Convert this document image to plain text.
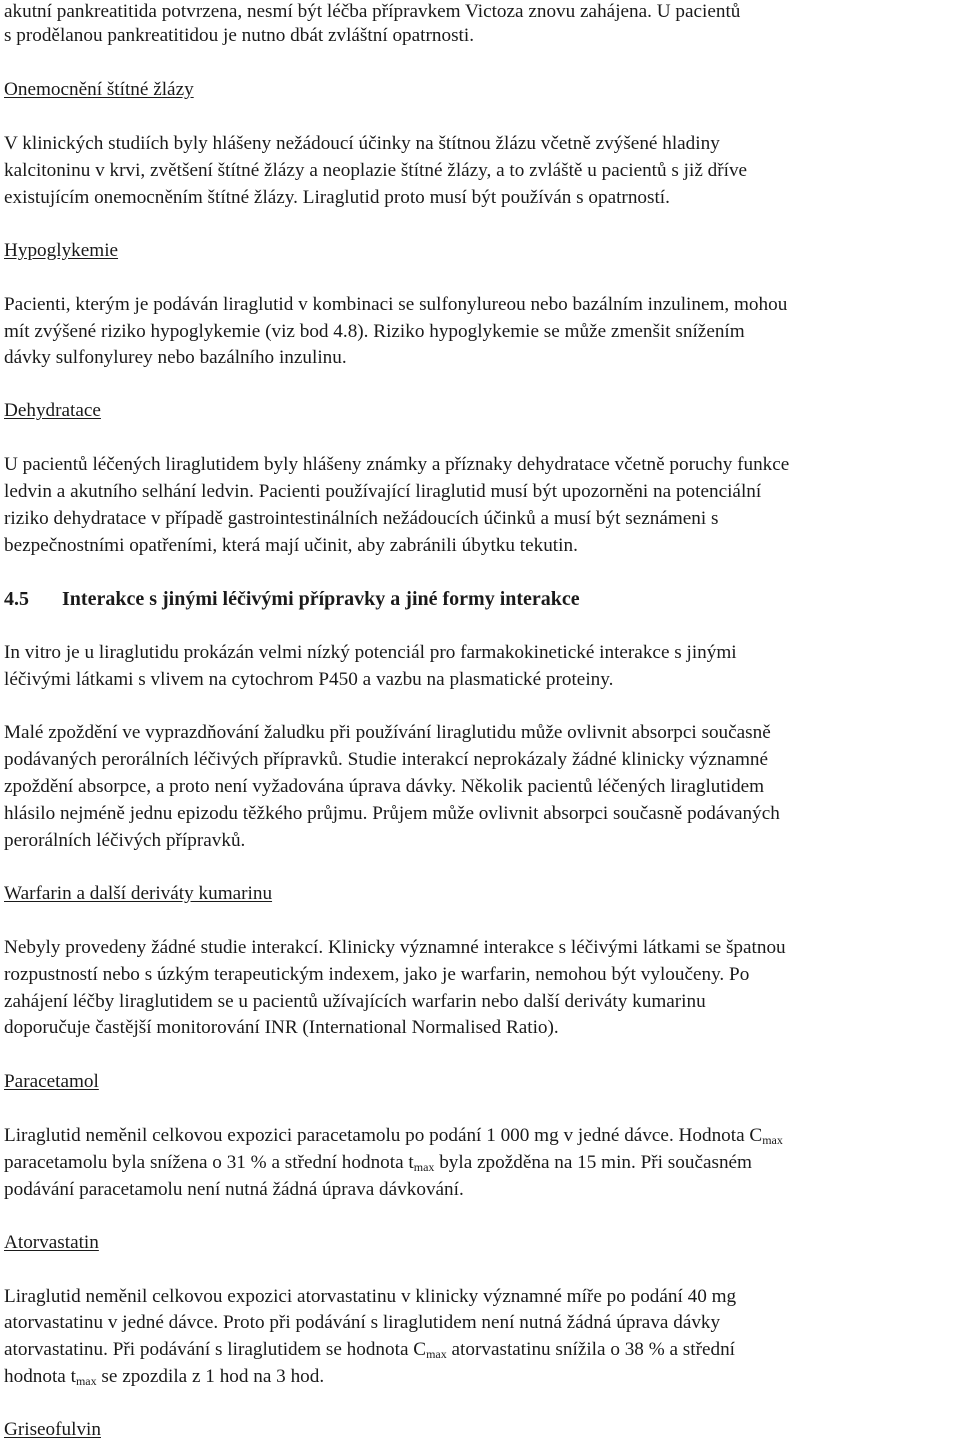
akutní pankreatitida potvrzena, nesmí být léčba přípravkem Victoza znovu zahájena. U pacientů
s prodělanou pankreatitidou je nutno dbát zvláštní opatrnosti.
Onemocnění štítné žlázy
V klinických studiích byly hlášeny nežádoucí účinky na štítnou žlázu včetně zvýšené hladiny
kalcitoninu v krvi, zvětšení štítné žlázy a neoplazie štítné žlázy, a to zvláště u pacientů s již dříve
existujícím onemocněním štítné žlázy. Liraglutid proto musí být používán s opatrností.
Hypoglykemie
Pacienti, kterým je podáván liraglutid v kombinaci se sulfonylureou nebo bazálním inzulinem, mohou
mít zvýšené riziko hypoglykemie (viz bod 4.8). Riziko hypoglykemie se může zmenšit snížením
dávky sulfonylurey nebo bazálního inzulinu.
Dehydratace
U pacientů léčených liraglutidem byly hlášeny známky a příznaky dehydratace včetně poruchy funkce
ledvin a akutního selhání ledvin. Pacienti používající liraglutid musí být upozorněni na potenciální
riziko dehydratace v případě gastrointestinálních nežádoucích účinků a musí být seznámeni s
bezpečnostními opatřeními, která mají učinit, aby zabránili úbytku tekutin.
4.5 Interakce s jinými léčivými přípravky a jiné formy interakce
In vitro je u liraglutidu prokázán velmi nízký potenciál pro farmakokinetické interakce s jinými
léčivými látkami s vlivem na cytochrom P450 a vazbu na plasmatické proteiny.
Malé zpoždění ve vyprazdňování žaludku při používání liraglutidu může ovlivnit absorpci současně
podávaných perorálních léčivých přípravků. Studie interakcí neprokázaly žádné klinicky významné
zpoždění absorpce, a proto není vyžadována úprava dávky. Několik pacientů léčených liraglutidem
hlásilo nejméně jednu epizodu těžkého průjmu. Průjem může ovlivnit absorpci současně podávaných
perorálních léčivých přípravků.
Warfarin a další deriváty kumarinu
Nebyly provedeny žádné studie interakcí. Klinicky významné interakce s léčivými látkami se špatnou
rozpustností nebo s úzkým terapeutickým indexem, jako je warfarin, nemohou být vyloučeny. Po
zahájení léčby liraglutidem se u pacientů užívajících warfarin nebo další deriváty kumarinu
doporučuje častější monitorování INR (International Normalised Ratio).
Paracetamol
Liraglutid neměnil celkovou expozici paracetamolu po podání 1 000 mg v jedné dávce. Hodnota $C_{max}$
paracetamolu byla snížena o 31 % a střední hodnota $t_{max}$ byla zpožděna na 15 min. Při současném
podávání paracetamolu není nutná žádná úprava dávkování.
Atorvastatin
Liraglutid neměnil celkovou expozici atorvastatinu v klinicky významné míře po podání 40 mg
atorvastatinu v jedné dávce. Proto při podávání s liraglutidem není nutná žádná úprava dávky
atorvastatinu. Při podávání s liraglutidem se hodnota $C_{max}$ atorvastatinu snížila o 38 % a střední
hodnota $t_{max}$ se zpozdila z 1 hod na 3 hod.
Griseofulvin
